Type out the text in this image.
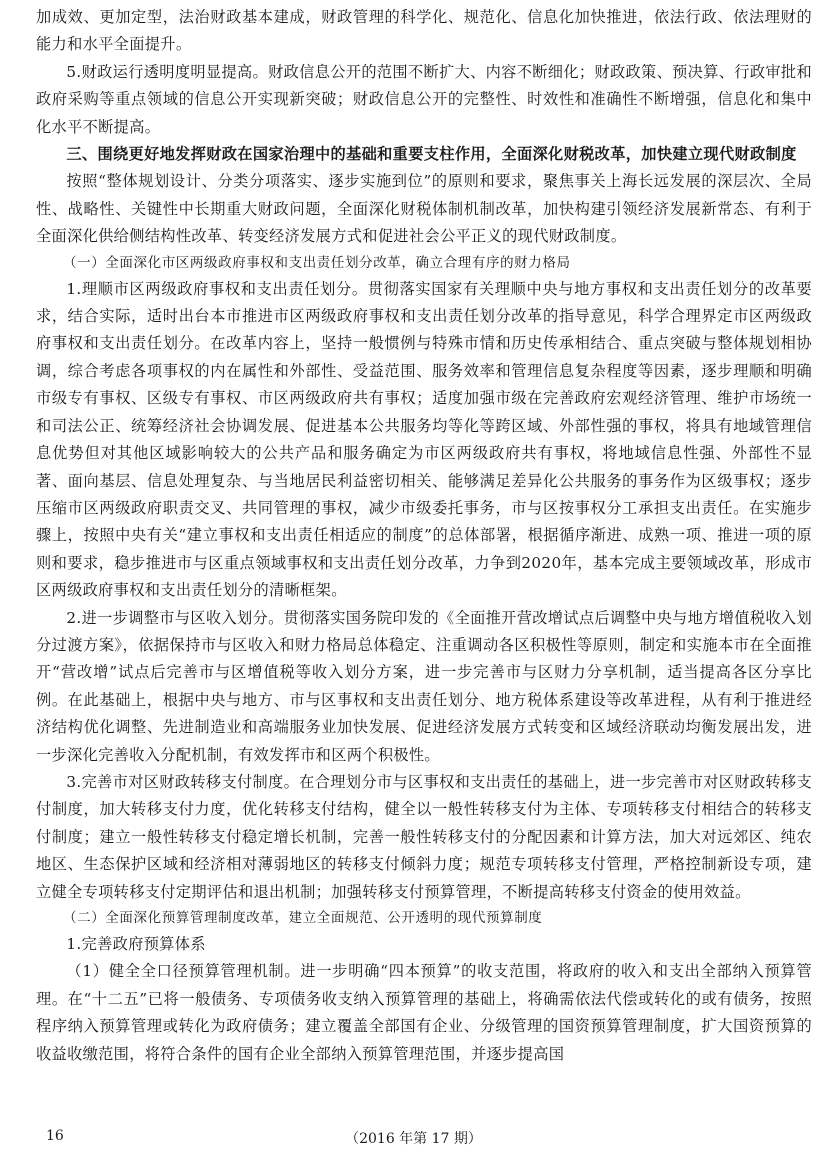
加成效、更加定型，法治财政基本建成，财政管理的科学化、规范化、信息化加快推进，依法行政、依法理财的能力和水平全面提升。

5.财政运行透明度明显提高。财政信息公开的范围不断扩大、内容不断细化；财政政策、预决算、行政审批和政府采购等重点领域的信息公开实现新突破；财政信息公开的完整性、时效性和准确性不断增强，信息化和集中化水平不断提高。

三、围绕更好地发挥财政在国家治理中的基础和重要支柱作用，全面深化财税改革，加快建立现代财政制度

按照“整体规划设计、分类分项落实、逐步实施到位”的原则和要求，聚焦事关上海长远发展的深层次、全局性、战略性、关键性中长期重大财政问题，全面深化财税体制机制改革，加快构建引领经济发展新常态、有利于全面深化供给侧结构性改革、转变经济发展方式和促进社会公平正义的现代财政制度。

（一）全面深化市区两级政府事权和支出责任划分改革，确立合理有序的财力格局

1.理顺市区两级政府事权和支出责任划分。贯彻落实国家有关理顺中央与地方事权和支出责任划分的改革要求，结合实际，适时出台本市推进市区两级政府事权和支出责任划分改革的指导意见，科学合理界定市区两级政府事权和支出责任划分。在改革内容上，坚持一般惯例与特殊市情和历史传承相结合、重点突破与整体规划相协调，综合考虑各项事权的内在属性和外部性、受益范围、服务效率和管理信息复杂程度等因素，逐步理顺和明确市级专有事权、区级专有事权、市区两级政府共有事权；适度加强市级在完善政府宏观经济管理、维护市场统一和司法公正、统筹经济社会协调发展、促进基本公共服务均等化等跨区域、外部性强的事权，将具有地域管理信息优势但对其他区域影响较大的公共产品和服务确定为市区两级政府共有事权，将地域信息性强、外部性不显著、面向基层、信息处理复杂、与当地居民利益密切相关、能够满足差异化公共服务的事务作为区级事权；逐步压缩市区两级政府职责交叉、共同管理的事权，减少市级委托事务，市与区按事权分工承担支出责任。在实施步骤上，按照中央有关“建立事权和支出责任相适应的制度”的总体部署，根据循序渐进、成熟一项、推进一项的原则和要求，稳步推进市与区重点领域事权和支出责任划分改革，力争到2020年，基本完成主要领域改革，形成市区两级政府事权和支出责任划分的清晰框架。

2.进一步调整市与区收入划分。贯彻落实国务院印发的《全面推开营改增试点后调整中央与地方增值税收入划分过渡方案》，依据保持市与区收入和财力格局总体稳定、注重调动各区积极性等原则，制定和实施本市在全面推开“营改增”试点后完善市与区增值税等收入划分方案，进一步完善市与区财力分享机制，适当提高各区分享比例。在此基础上，根据中央与地方、市与区事权和支出责任划分、地方税体系建设等改革进程，从有利于推进经济结构优化调整、先进制造业和高端服务业加快发展、促进经济发展方式转变和区域经济联动均衡发展出发，进一步深化完善收入分配机制，有效发挥市和区两个积极性。

3.完善市对区财政转移支付制度。在合理划分市与区事权和支出责任的基础上，进一步完善市对区财政转移支付制度，加大转移支付力度，优化转移支付结构，健全以一般性转移支付为主体、专项转移支付相结合的转移支付制度；建立一般性转移支付稳定增长机制，完善一般性转移支付的分配因素和计算方法，加大对远郊区、纯农地区、生态保护区域和经济相对薄弱地区的转移支付倾斜力度；规范专项转移支付管理，严格控制新设专项，建立健全专项转移支付定期评估和退出机制；加强转移支付预算管理，不断提高转移支付资金的使用效益。

（二）全面深化预算管理制度改革，建立全面规范、公开透明的现代预算制度

1.完善政府预算体系

（1）健全全口径预算管理机制。进一步明确“四本预算”的收支范围，将政府的收入和支出全部纳入预算管理。在“十二五”已将一般债务、专项债务收支纳入预算管理的基础上，将确需依法代偿或转化的或有债务，按照程序纳入预算管理或转化为政府债务；建立覆盖全部国有企业、分级管理的国资预算管理制度，扩大国资预算的收益收缴范围，将符合条件的国有企业全部纳入预算管理范围，并逐步提高国

16	（2016 年第 17 期）
